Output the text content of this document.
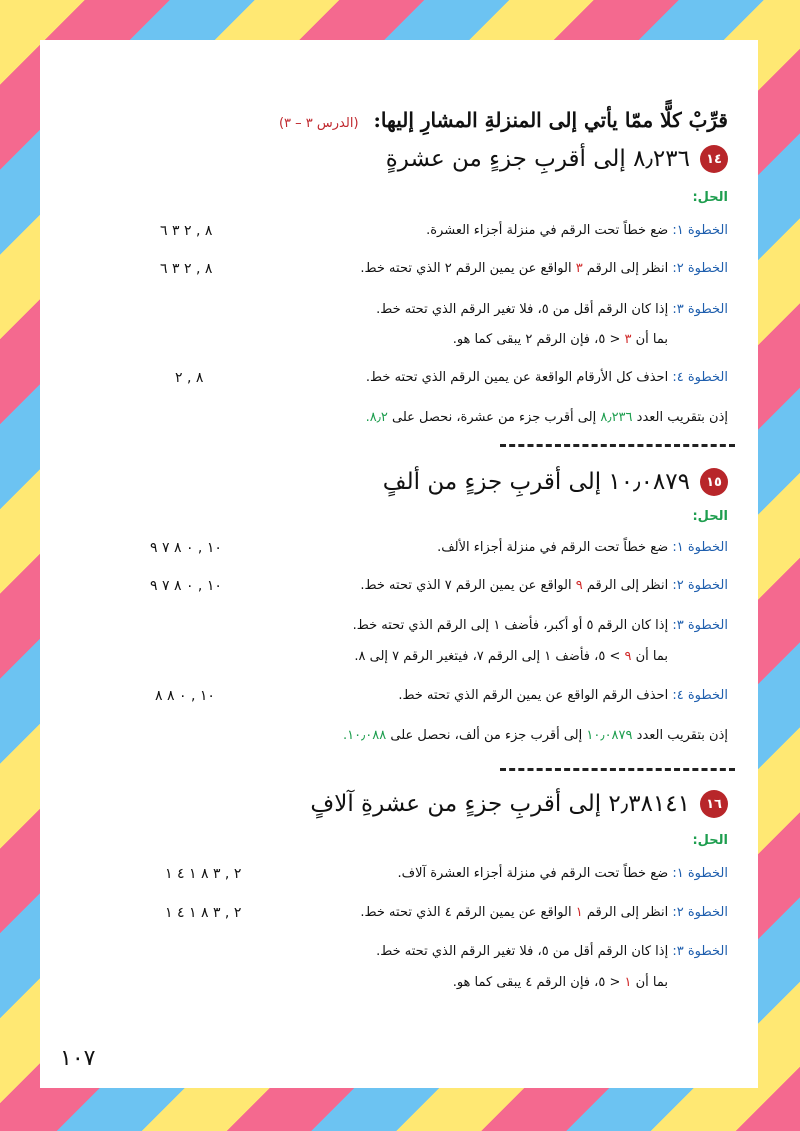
قرِّبْ كلًّا ممّا يأتي إلى المنزلةِ المشارِ إليها: (الدرس ٣ – ٣)
١٤
٨٫٢٣٦ إلى أقربِ جزءٍ من عشرةٍ
الحل:
الخطوة ١: ضع خطاً تحت الرقم في منزلة أجزاء العشرة.
٨ , ٢ ٣ ٦
الخطوة ٢: انظر إلى الرقم ٣ الواقع عن يمين الرقم ٢ الذي تحته خط.
٨ , ٢ ٣ ٦
الخطوة ٣: إذا كان الرقم أقل من ٥، فلا تغير الرقم الذي تحته خط.
بما أن ٣ < ٥، فإن الرقم ٢ يبقى كما هو.
الخطوة ٤: احذف كل الأرقام الواقعة عن يمين الرقم الذي تحته خط.
٨ , ٢
إذن بتقريب العدد ٨٫٢٣٦ إلى أقرب جزء من عشرة، نحصل على ٨٫٢.
١٥
١٠٫٠٨٧٩ إلى أقربِ جزءٍ من ألفٍ
الحل:
الخطوة ١: ضع خطاً تحت الرقم في منزلة أجزاء الألف.
١٠ , ٠ ٨ ٧ ٩
الخطوة ٢: انظر إلى الرقم ٩ الواقع عن يمين الرقم ٧ الذي تحته خط.
١٠ , ٠ ٨ ٧ ٩
الخطوة ٣: إذا كان الرقم ٥ أو أكبر، فأضف ١ إلى الرقم الذي تحته خط.
بما أن ٩ > ٥، فأضف ١ إلى الرقم ٧، فيتغير الرقم ٧ إلى ٨.
الخطوة ٤: احذف الرقم الواقع عن يمين الرقم الذي تحته خط.
١٠ , ٠ ٨ ٨
إذن بتقريب العدد ١٠٫٠٨٧٩ إلى أقرب جزء من ألف، نحصل على ١٠٫٠٨٨.
١٦
٢٫٣٨١٤١ إلى أقربِ جزءٍ من عشرةِ آلافٍ
الحل:
الخطوة ١: ضع خطاً تحت الرقم في منزلة أجزاء العشرة آلاف.
٢ , ٣ ٨ ١ ٤ ١
الخطوة ٢: انظر إلى الرقم ١ الواقع عن يمين الرقم ٤ الذي تحته خط.
٢ , ٣ ٨ ١ ٤ ١
الخطوة ٣: إذا كان الرقم أقل من ٥، فلا تغير الرقم الذي تحته خط.
بما أن ١ < ٥، فإن الرقم ٤ يبقى كما هو.
١٠٧
